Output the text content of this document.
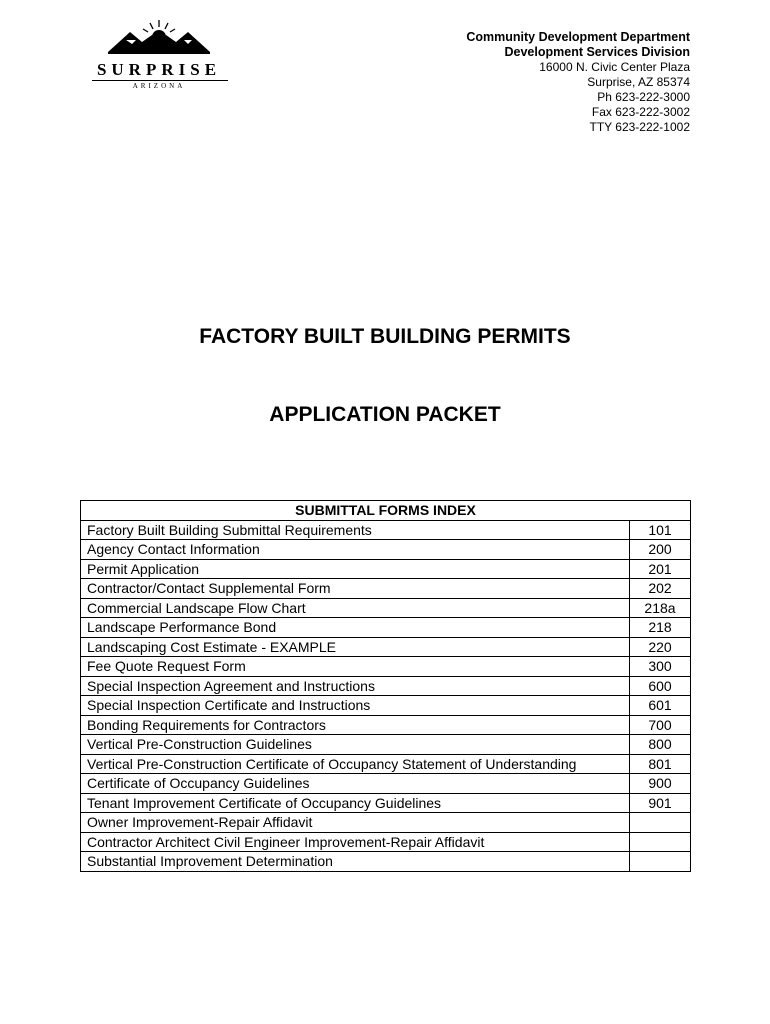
SURPRISE
ARIZONA
Community Development Department
Development Services Division
16000 N. Civic Center Plaza
Surprise, AZ 85374
Ph 623-222-3000
Fax 623-222-3002
TTY 623-222-1002
FACTORY BUILT BUILDING PERMITS
APPLICATION PACKET
SUBMITTAL FORMS INDEX	
Factory Built Building Submittal Requirements	101
Agency Contact Information	200
Permit Application	201
Contractor/Contact Supplemental Form	202
Commercial Landscape Flow Chart	218a
Landscape Performance Bond	218
Landscaping Cost Estimate - EXAMPLE	220
Fee Quote Request Form	300
Special Inspection Agreement and Instructions	600
Special Inspection Certificate and Instructions	601
Bonding Requirements for Contractors	700
Vertical Pre-Construction Guidelines	800
Vertical Pre-Construction Certificate of Occupancy Statement of Understanding	801
Certificate of Occupancy Guidelines	900
Tenant Improvement Certificate of Occupancy Guidelines	901
Owner Improvement-Repair Affidavit	
Contractor Architect Civil Engineer Improvement-Repair Affidavit	
Substantial Improvement Determination	
